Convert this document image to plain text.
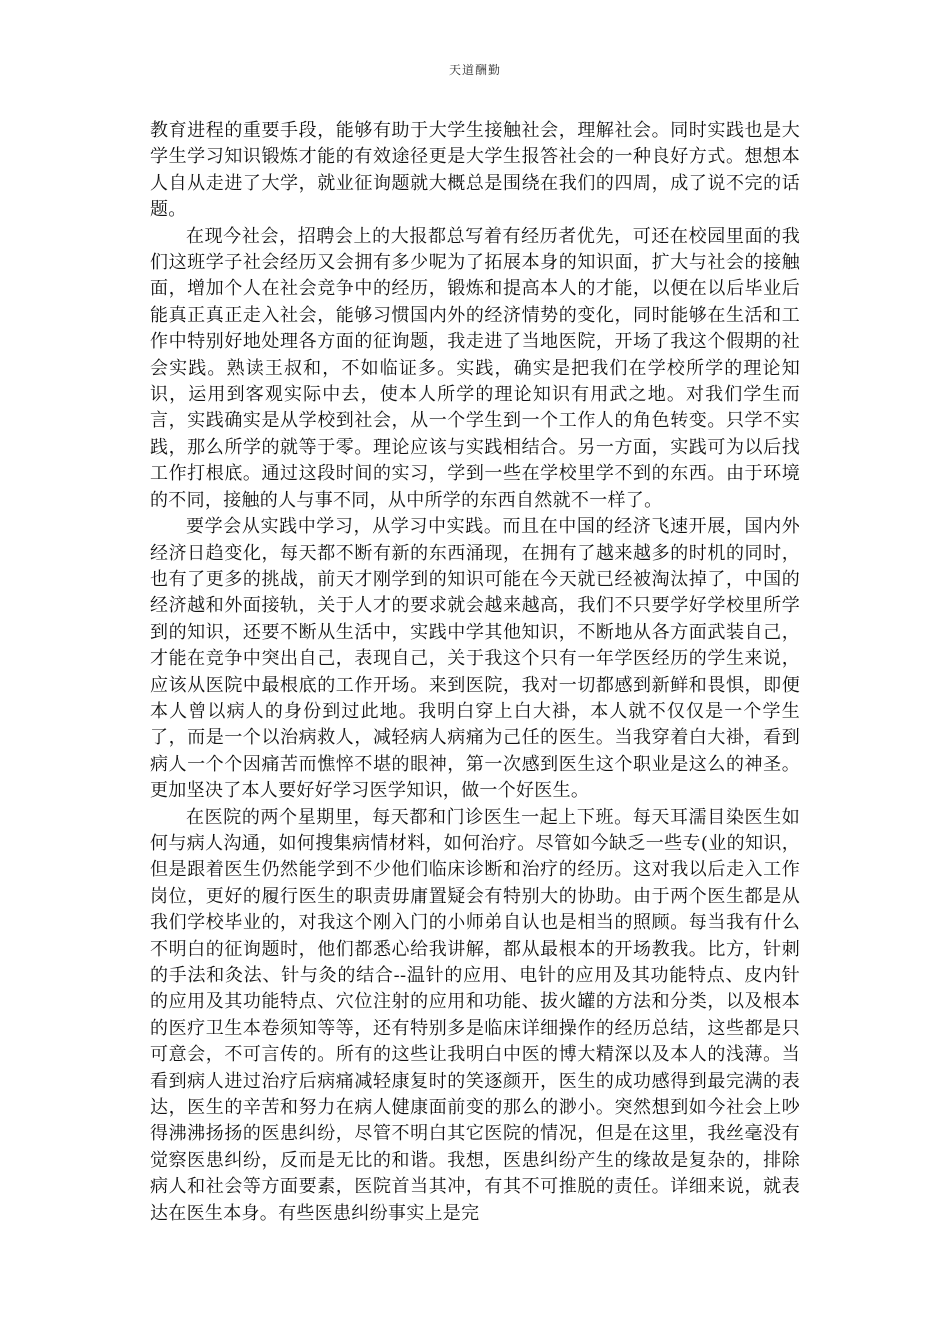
天道酬勤

教育进程的重要手段，能够有助于大学生接触社会，理解社会。同时实践也是大学生学习知识锻炼才能的有效途径更是大学生报答社会的一种良好方式。想想本人自从走进了大学，就业征询题就大概总是围绕在我们的四周，成了说不完的话题。

在现今社会，招聘会上的大报都总写着有经历者优先，可还在校园里面的我们这班学子社会经历又会拥有多少呢为了拓展本身的知识面，扩大与社会的接触面，增加个人在社会竞争中的经历，锻炼和提高本人的才能，以便在以后毕业后能真正真正走入社会，能够习惯国内外的经济情势的变化，同时能够在生活和工作中特别好地处理各方面的征询题，我走进了当地医院，开场了我这个假期的社会实践。熟读王叔和，不如临证多。实践，确实是把我们在学校所学的理论知识，运用到客观实际中去，使本人所学的理论知识有用武之地。对我们学生而言，实践确实是从学校到社会，从一个学生到一个工作人的角色转变。只学不实践，那么所学的就等于零。理论应该与实践相结合。另一方面，实践可为以后找工作打根底。通过这段时间的实习，学到一些在学校里学不到的东西。由于环境的不同，接触的人与事不同，从中所学的东西自然就不一样了。

要学会从实践中学习，从学习中实践。而且在中国的经济飞速开展，国内外经济日趋变化，每天都不断有新的东西涌现，在拥有了越来越多的时机的同时，也有了更多的挑战，前天才刚学到的知识可能在今天就已经被淘汰掉了，中国的经济越和外面接轨，关于人才的要求就会越来越高，我们不只要学好学校里所学到的知识，还要不断从生活中，实践中学其他知识，不断地从各方面武装自己，才能在竞争中突出自己，表现自己，关于我这个只有一年学医经历的学生来说，应该从医院中最根底的工作开场。来到医院，我对一切都感到新鲜和畏惧，即便本人曾以病人的身份到过此地。我明白穿上白大褂，本人就不仅仅是一个学生了，而是一个以治病救人，减轻病人病痛为己任的医生。当我穿着白大褂，看到病人一个个因痛苦而憔悴不堪的眼神，第一次感到医生这个职业是这么的神圣。更加坚决了本人要好好学习医学知识，做一个好医生。

在医院的两个星期里，每天都和门诊医生一起上下班。每天耳濡目染医生如何与病人沟通，如何搜集病情材料，如何治疗。尽管如今缺乏一些专(业的知识，但是跟着医生仍然能学到不少他们临床诊断和治疗的经历。这对我以后走入工作岗位，更好的履行医生的职责毋庸置疑会有特别大的协助。由于两个医生都是从我们学校毕业的，对我这个刚入门的小师弟自认也是相当的照顾。每当我有什么不明白的征询题时，他们都悉心给我讲解，都从最根本的开场教我。比方，针刺的手法和灸法、针与灸的结合--温针的应用、电针的应用及其功能特点、皮内针的应用及其功能特点、穴位注射的应用和功能、拔火罐的方法和分类，以及根本的医疗卫生本卷须知等等，还有特别多是临床详细操作的经历总结，这些都是只可意会，不可言传的。所有的这些让我明白中医的博大精深以及本人的浅薄。当看到病人进过治疗后病痛减轻康复时的笑逐颜开，医生的成功感得到最完满的表达，医生的辛苦和努力在病人健康面前变的那么的渺小。突然想到如今社会上吵得沸沸扬扬的医患纠纷，尽管不明白其它医院的情况，但是在这里，我丝毫没有觉察医患纠纷，反而是无比的和谐。我想，医患纠纷产生的缘故是复杂的，排除病人和社会等方面要素，医院首当其冲，有其不可推脱的责任。详细来说，就表达在医生本身。有些医患纠纷事实上是完
